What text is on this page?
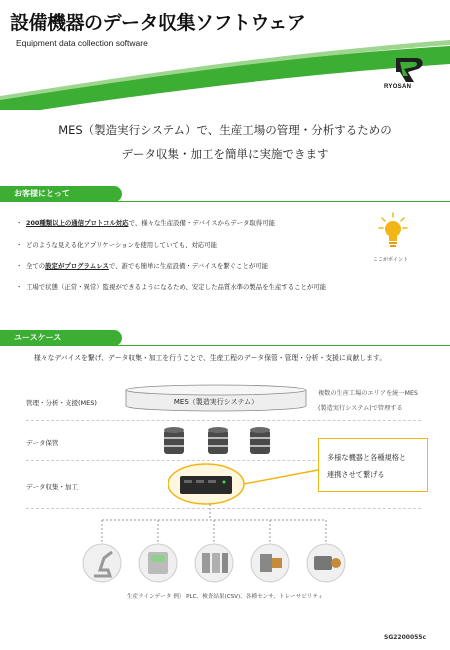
設備機器のデータ収集ソフトウェア
Equipment data collection software
RYOSAN
MES（製造実行システム）で、生産工場の管理・分析するための
データ収集・加工を簡単に実施できます
お客様にとって
・ 200種類以上の通信プロトコル対応で、様々な生産設備・デバイスからデータ取得可能
・ どのような見える化アプリケーションを使用していても、対応可能
・ 全ての設定がプログラムレスで、誰でも簡単に生産設備・デバイスを繋ぐことが可能
・ 工場で状態（正常・異常）監視ができるようになるため、安定した品質水準の製品を生産することが可能
ここがポイント
ユースケース
様々なデバイスを繋げ、データ収集・加工を行うことで、生産工程のデータ保管・管理・分析・支援に貢献します。
管理・分析・支援(MES)
データ保管
データ収集・加工
MES（製造実行システム）
複数の生産工場のエリアを統一MES
(製造実行システム)で管理する
多様な機器と各種規格と
連携させて繋げる
生産ラインデータ 例） PLC、検査結果(CSV)、各種センサ、トレーサビリティ
SG2200055c
